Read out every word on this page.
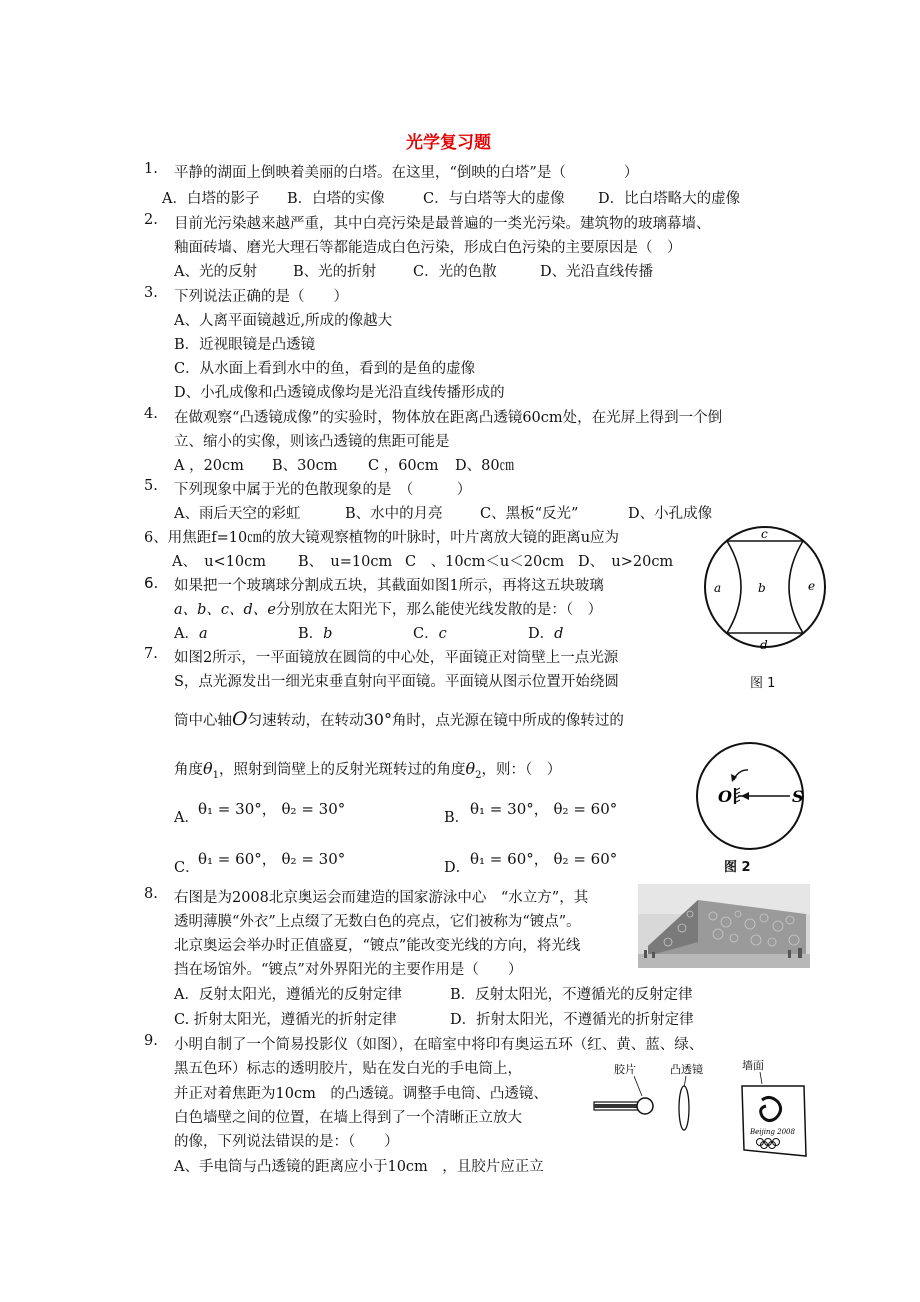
光学复习题
1. 平静的湖面上倒映着美丽的白塔。在这里，“倒映的白塔”是（　　　　）
A．白塔的影子 B．白塔的实像	C．与白塔等大的虚像 D．比白塔略大的虚像
2. 目前光污染越来越严重，其中白亮污染是最普遍的一类光污染。建筑物的玻璃幕墙、
釉面砖墙、磨光大理石等都能造成白色污染，形成白色污染的主要原因是（　）
A、光的反射 B、光的折射	C．光的色散	D、光沿直线传播
3. 下列说法正确的是（　　）
A、人离平面镜越近,所成的像越大
B．近视眼镜是凸透镜
C．从水面上看到水中的鱼，看到的是鱼的虚像
D、小孔成像和凸透镜成像均是光沿直线传播形成的
4. 在做观察“凸透镜成像”的实验时，物体放在距离凸透镜60cm处，在光屏上得到一个倒
立、缩小的实像，则该凸透镜的焦距可能是
A ，20cm B、30cm C ，60cm D、80㎝
5. 下列现象中属于光的色散现象的是　（　　　）
A、雨后天空的彩虹	B、水中的月亮	C、黑板“反光”	D、小孔成像
6、用焦距f=10㎝的放大镜观察植物的叶脉时，叶片离放大镜的距离u应为
A、　u<10cm B、　u=10cm C　、10cm＜u＜20cm D、　u>20cm
6. 如果把一个玻璃球分割成五块，其截面如图1所示，再将这五块玻璃
a、b、c、d、e分别放在太阳光下，那么能使光线发散的是：（　）
A．a	B．b	C．c	D．d
c
a	b	e
d
图 1
7. 如图2所示，一平面镜放在圆筒的中心处，平面镜正对筒壁上一点光源
S，点光源发出一细光束垂直射向平面镜。平面镜从图示位置开始绕圆
筒中心轴O匀速转动，在转动30°角时，点光源在镜中所成的像转过的
角度$\theta_1$，照射到筒壁上的反射光斑转过的角度$\theta_2$，则：（　）
A． θ₁ = 30°， θ₂ = 30°	B． θ₁ = 30°， θ₂ = 60°
C．
θ₁ = 60°， θ₂ = 30°	D． θ₁ = 60°， θ₂ = 60°
O	S
图 2
8. 右图是为2008北京奥运会而建造的国家游泳中心　“水立方”，其
透明薄膜“外衣”上点缀了无数白色的亮点，它们被称为“镀点”。
北京奥运会举办时正值盛夏，“镀点”能改变光线的方向，将光线
挡在场馆外。“镀点”对外界阳光的主要作用是（　　）
A．反射太阳光，遵循光的反射定律	B．反射太阳光，不遵循光的反射定律
C. 折射太阳光，遵循光的折射定律	D．折射太阳光，不遵循光的折射定律
9. 小明自制了一个简易投影仪（如图），在暗室中将印有奥运五环（红、黄、蓝、绿、
黑五色环）标志的透明胶片，贴在发白光的手电筒上，
并正对着焦距为10cm　的凸透镜。调整手电筒、凸透镜、
白色墙壁之间的位置，在墙上得到了一个清晰正立放大
的像，下列说法错误的是：（　　）
A、手电筒与凸透镜的距离应小于10cm　，且胶片应正立
胶片	凸透镜	墙面
Beijing 2008
